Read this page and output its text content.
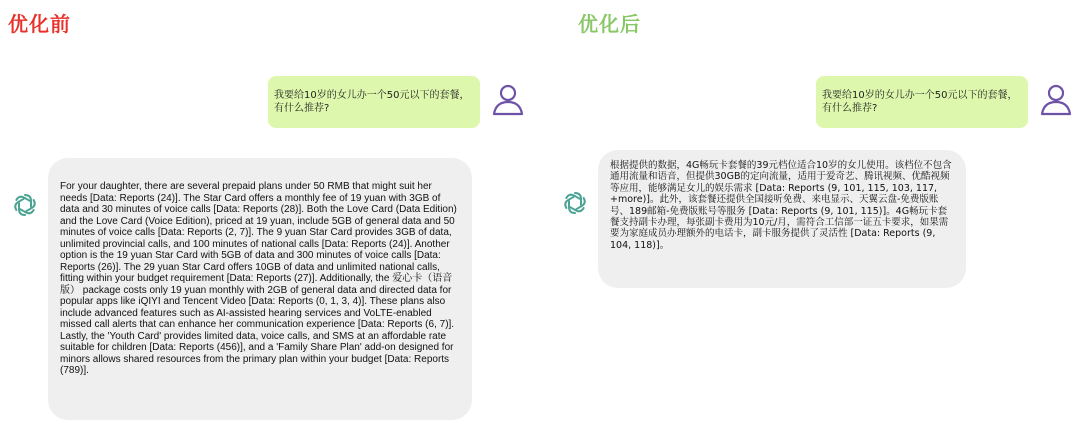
优化前
我要给10岁的女儿办一个50元以下的套餐，有什么推荐?
For your daughter, there are several prepaid plans under 50 RMB that might suit her needs [Data: Reports (24)]. The Star Card offers a monthly fee of 19 yuan with 3GB of data and 30 minutes of voice calls [Data: Reports (28)]. Both the Love Card (Data Edition) and the Love Card (Voice Edition), priced at 19 yuan, include 5GB of general data and 50 minutes of voice calls [Data: Reports (2, 7)]. The 9 yuan Star Card provides 3GB of data, unlimited provincial calls, and 100 minutes of national calls [Data: Reports (24)]. Another option is the 19 yuan Star Card with 5GB of data and 300 minutes of voice calls [Data: Reports (26)]. The 29 yuan Star Card offers 10GB of data and unlimited national calls, fitting within your budget requirement [Data: Reports (27)]. Additionally, the 爱心卡（语音版） package costs only 19 yuan monthly with 2GB of general data and directed data for popular apps like iQIYI and Tencent Video [Data: Reports (0, 1, 3, 4)]. These plans also include advanced features such as AI-assisted hearing services and VoLTE-enabled missed call alerts that can enhance her communication experience [Data: Reports (6, 7)]. Lastly, the 'Youth Card' provides limited data, voice calls, and SMS at an affordable rate suitable for children [Data: Reports (456)], and a 'Family Share Plan' add-on designed for minors allows shared resources from the primary plan within your budget [Data: Reports (789)].
优化后
我要给10岁的女儿办一个50元以下的套餐，有什么推荐?
根据提供的数据，4G畅玩卡套餐的39元档位适合10岁的女儿使用。该档位不包含通用流量和语音，但提供30GB的定向流量，适用于爱奇艺、腾讯视频、优酷视频等应用，能够满足女儿的娱乐需求 [Data: Reports (9, 101, 115, 103, 117, +more)]。此外，该套餐还提供全国接听免费、来电显示、天翼云盘-免费版账号、189邮箱-免费版账号等服务 [Data: Reports (9, 101, 115)]。4G畅玩卡套餐支持副卡办理，每张副卡费用为10元/月，需符合工信部一证五卡要求，如果需要为家庭成员办理额外的电话卡，副卡服务提供了灵活性 [Data: Reports (9, 104, 118)]。
